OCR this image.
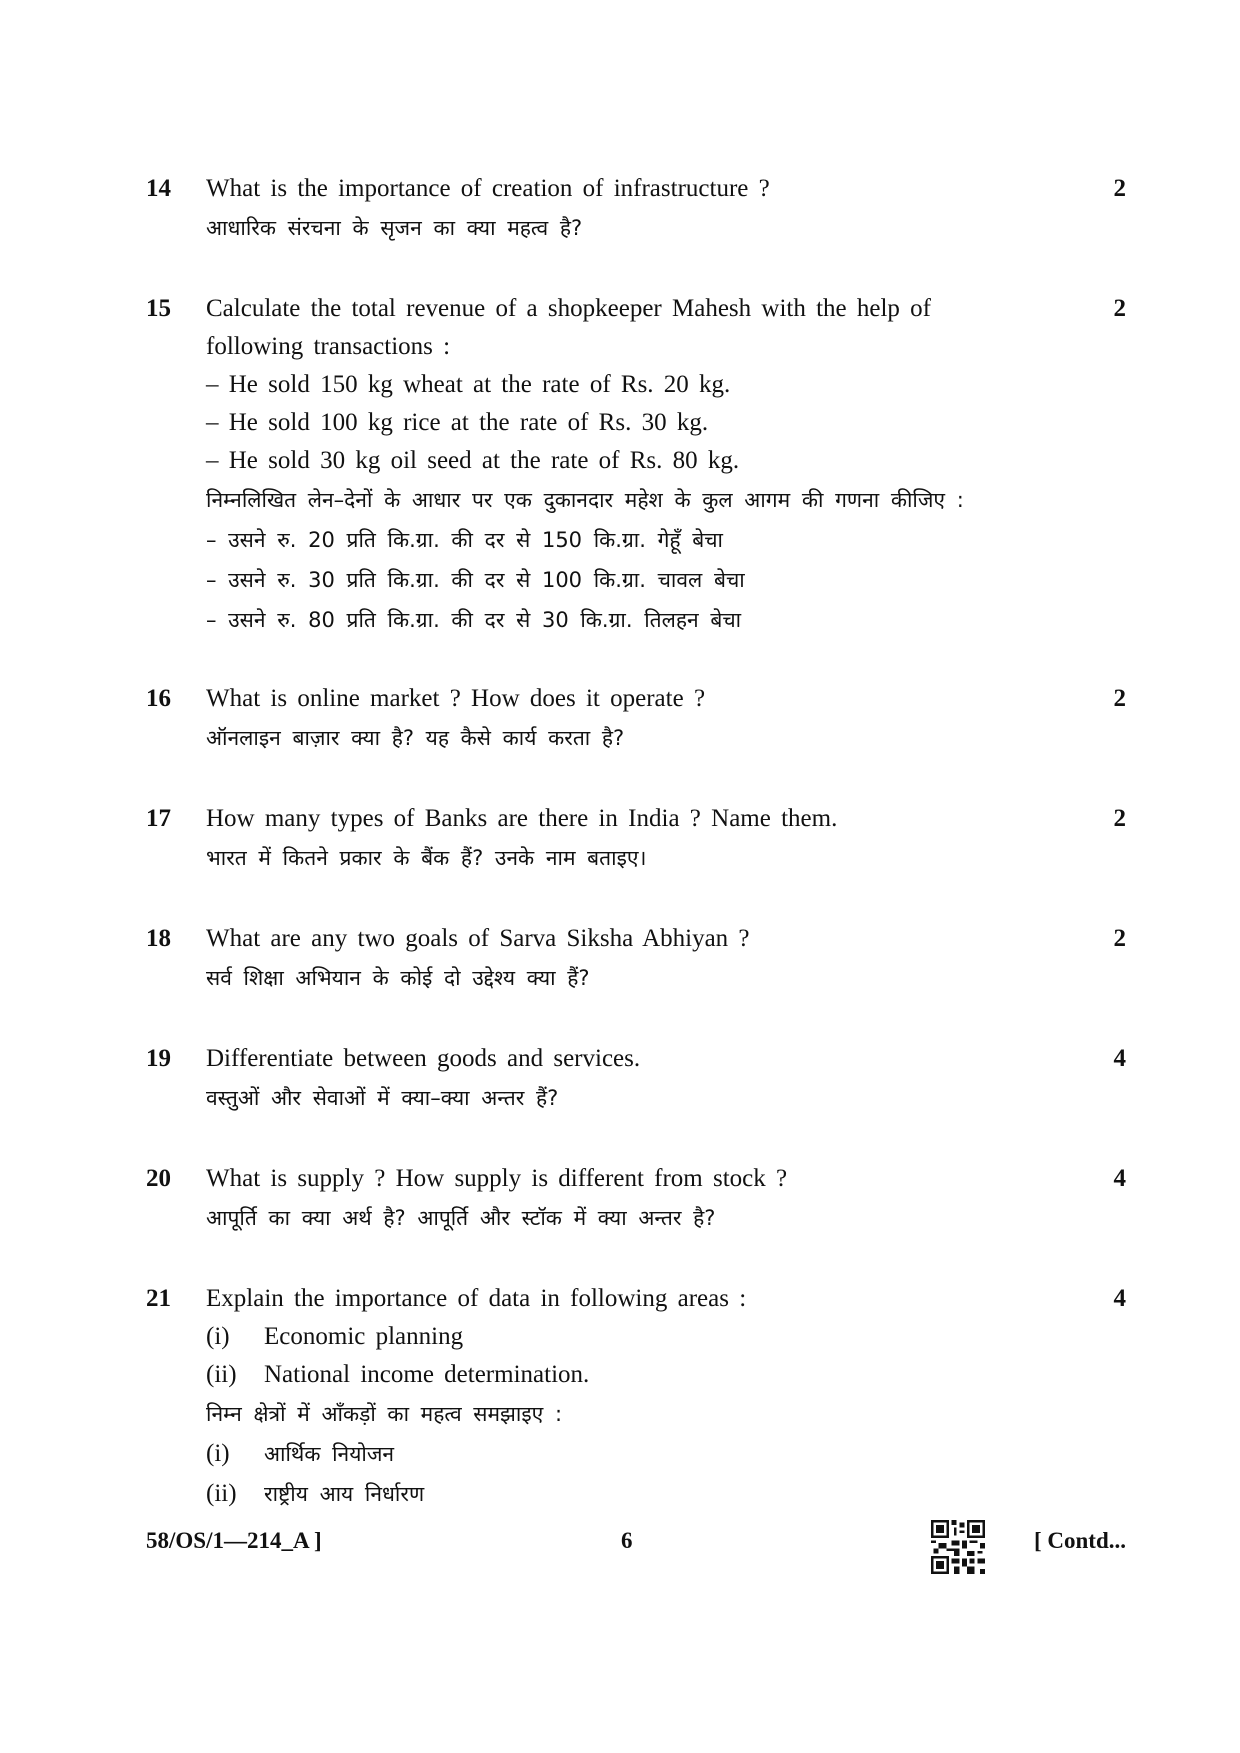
14	What is the importance of creation of infrastructure ?
आधारिक संरचना के सृजन का क्या महत्व है?
2
15	Calculate the total revenue of a shopkeeper Mahesh with the help of
following transactions :
– He sold 150 kg wheat at the rate of Rs. 20 kg.
– He sold 100 kg rice at the rate of Rs. 30 kg.
– He sold 30 kg oil seed at the rate of Rs. 80 kg.
निम्नलिखित लेन–देनों के आधार पर एक दुकानदार महेश के कुल आगम की गणना कीजिए :
– उसने रु. 20 प्रति कि.ग्रा. की दर से 150 कि.ग्रा. गेहूँ बेचा
– उसने रु. 30 प्रति कि.ग्रा. की दर से 100 कि.ग्रा. चावल बेचा
– उसने रु. 80 प्रति कि.ग्रा. की दर से 30 कि.ग्रा. तिलहन बेचा
2
16	What is online market ? How does it operate ?
ऑनलाइन बाज़ार क्या है? यह कैसे कार्य करता है?
2
17	How many types of Banks are there in India ? Name them.
भारत में कितने प्रकार के बैंक हैं? उनके नाम बताइए।
2
18	What are any two goals of Sarva Siksha Abhiyan ?
सर्व शिक्षा अभियान के कोई दो उद्देश्य क्या हैं?
2
19	Differentiate between goods and services.
वस्तुओं और सेवाओं में क्या–क्या अन्तर हैं?
4
20	What is supply ? How supply is different from stock ?
आपूर्ति का क्या अर्थ है? आपूर्ति और स्टॉक में क्या अन्तर है?
4
21	Explain the importance of data in following areas :
(i)	Economic planning
(ii)	National income determination.
निम्न क्षेत्रों में आँकड़ों का महत्व समझाइए :
(i)	आर्थिक नियोजन
(ii)	राष्ट्रीय आय निर्धारण
4
58/OS/1—214_A ]	6	[ Contd...
